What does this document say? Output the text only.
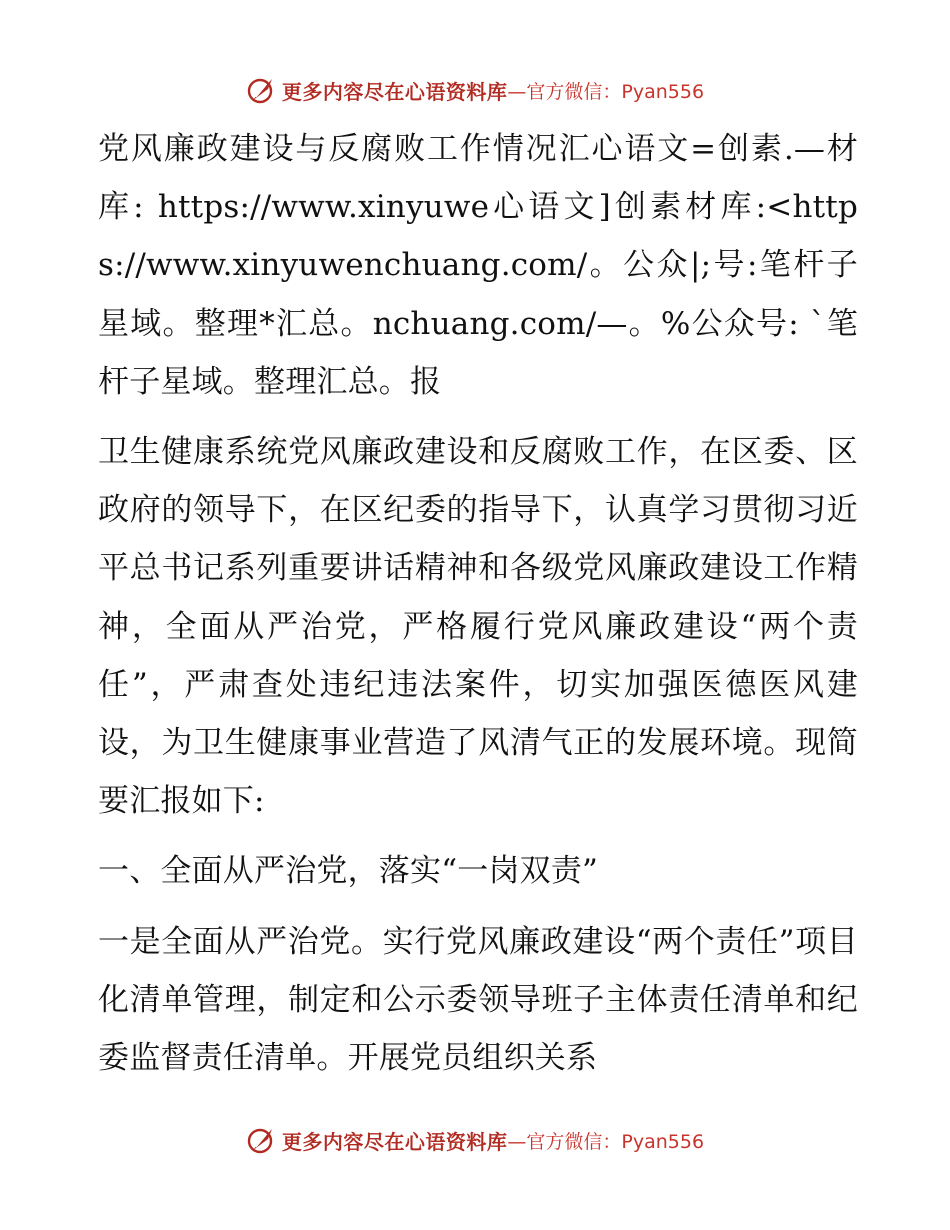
更多内容尽在心语资料库 —官方微信：Pyan556

党风廉政建设与反腐败工作情况汇心语文=创素.—材库: https://www.xinyuwe心语文]创素材库:<https://www.xinyuwenchuang.com/。公众|;号:笔杆子星域。整理*汇总。nchuang.com/—。%公众号: `笔杆子星域。整理汇总。报

卫生健康系统党风廉政建设和反腐败工作，在区委、区政府的领导下，在区纪委的指导下，认真学习贯彻习近平总书记系列重要讲话精神和各级党风廉政建设工作精神，全面从严治党，严格履行党风廉政建设“两个责任”，严肃查处违纪违法案件，切实加强医德医风建设，为卫生健康事业营造了风清气正的发展环境。现简要汇报如下:

一、全面从严治党，落实“一岗双责”

一是全面从严治党。实行党风廉政建设“两个责任”项目化清单管理，制定和公示委领导班子主体责任清单和纪委监督责任清单。开展党员组织关系

更多内容尽在心语资料库 —官方微信：Pyan556
